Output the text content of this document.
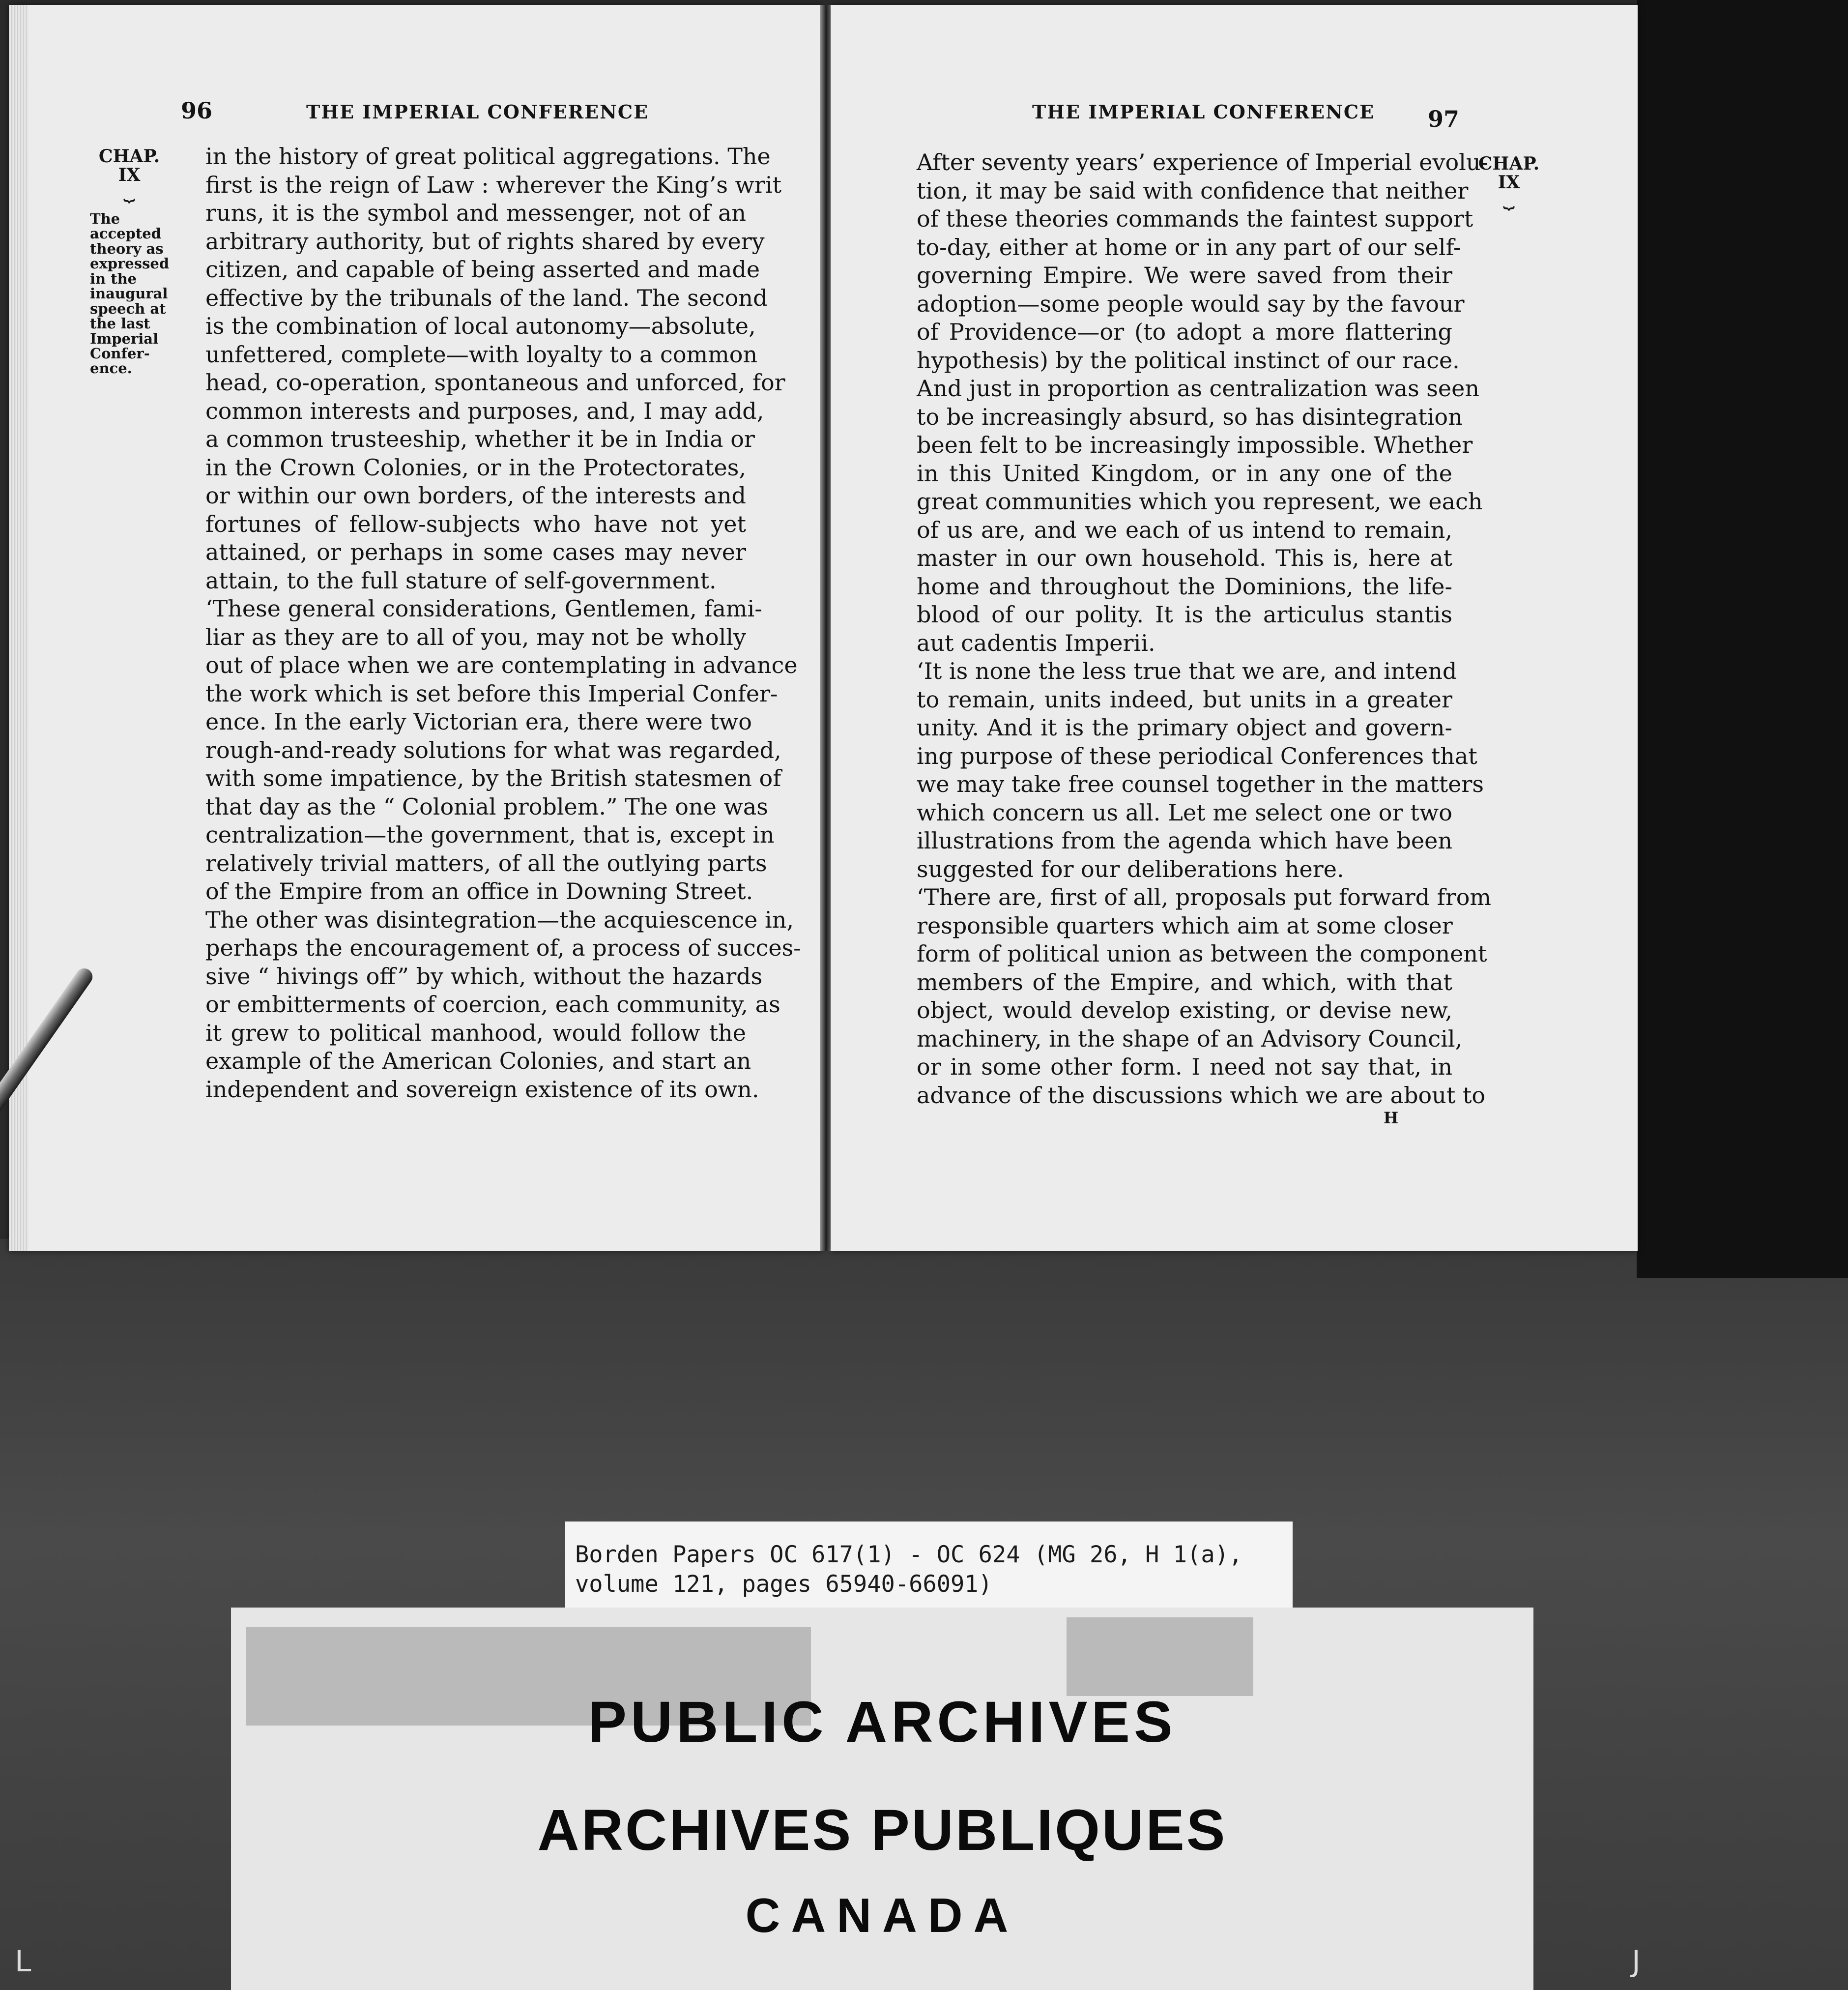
96	THE IMPERIAL CONFERENCE
CHAP.
IX
⏟
The
accepted
theory as
expressed
in the
inaugural
speech at
the last
Imperial
Confer-
ence.
in the history of great political aggregations. The
first is the reign of Law : wherever the King’s writ
runs, it is the symbol and messenger, not of an
arbitrary authority, but of rights shared by every
citizen, and capable of being asserted and made
effective by the tribunals of the land. The second
is the combination of local autonomy—absolute,
unfettered, complete—with loyalty to a common
head, co-operation, spontaneous and unforced, for
common interests and purposes, and, I may add,
a common trusteeship, whether it be in India or
in the Crown Colonies, or in the Protectorates,
or within our own borders, of the interests and
fortunes of fellow-subjects who have not yet
attained, or perhaps in some cases may never
attain, to the full stature of self-government.
‘These general considerations, Gentlemen, fami-
liar as they are to all of you, may not be wholly
out of place when we are contemplating in advance
the work which is set before this Imperial Confer-
ence. In the early Victorian era, there were two
rough-and-ready solutions for what was regarded,
with some impatience, by the British statesmen of
that day as the “ Colonial problem.” The one was
centralization—the government, that is, except in
relatively trivial matters, of all the outlying parts
of the Empire from an office in Downing Street.
The other was disintegration—the acquiescence in,
perhaps the encouragement of, a process of succes-
sive “ hivings off” by which, without the hazards
or embitterments of coercion, each community, as
it grew to political manhood, would follow the
example of the American Colonies, and start an
independent and sovereign existence of its own.
THE IMPERIAL CONFERENCE 97
CHAP.
IX
⏟
After seventy years’ experience of Imperial evolu-
tion, it may be said with confidence that neither
of these theories commands the faintest support
to-day, either at home or in any part of our self-
governing Empire. We were saved from their
adoption—some people would say by the favour
of Providence—or (to adopt a more flattering
hypothesis) by the political instinct of our race.
And just in proportion as centralization was seen
to be increasingly absurd, so has disintegration
been felt to be increasingly impossible. Whether
in this United Kingdom, or in any one of the
great communities which you represent, we each
of us are, and we each of us intend to remain,
master in our own household. This is, here at
home and throughout the Dominions, the life-
blood of our polity. It is the articulus stantis
aut cadentis Imperii.
‘It is none the less true that we are, and intend
to remain, units indeed, but units in a greater
unity. And it is the primary object and govern-
ing purpose of these periodical Conferences that
we may take free counsel together in the matters
which concern us all. Let me select one or two
illustrations from the agenda which have been
suggested for our deliberations here.
‘There are, first of all, proposals put forward from
responsible quarters which aim at some closer
form of political union as between the component
members of the Empire, and which, with that
object, would develop existing, or devise new,
machinery, in the shape of an Advisory Council,
or in some other form. I need not say that, in
advance of the discussions which we are about to
H
Borden Papers OC 617(1) - OC 624 (MG 26, H 1(a),
volume 121, pages 65940-66091)
PUBLIC ARCHIVES
ARCHIVES PUBLIQUES
CANADA
L	J
